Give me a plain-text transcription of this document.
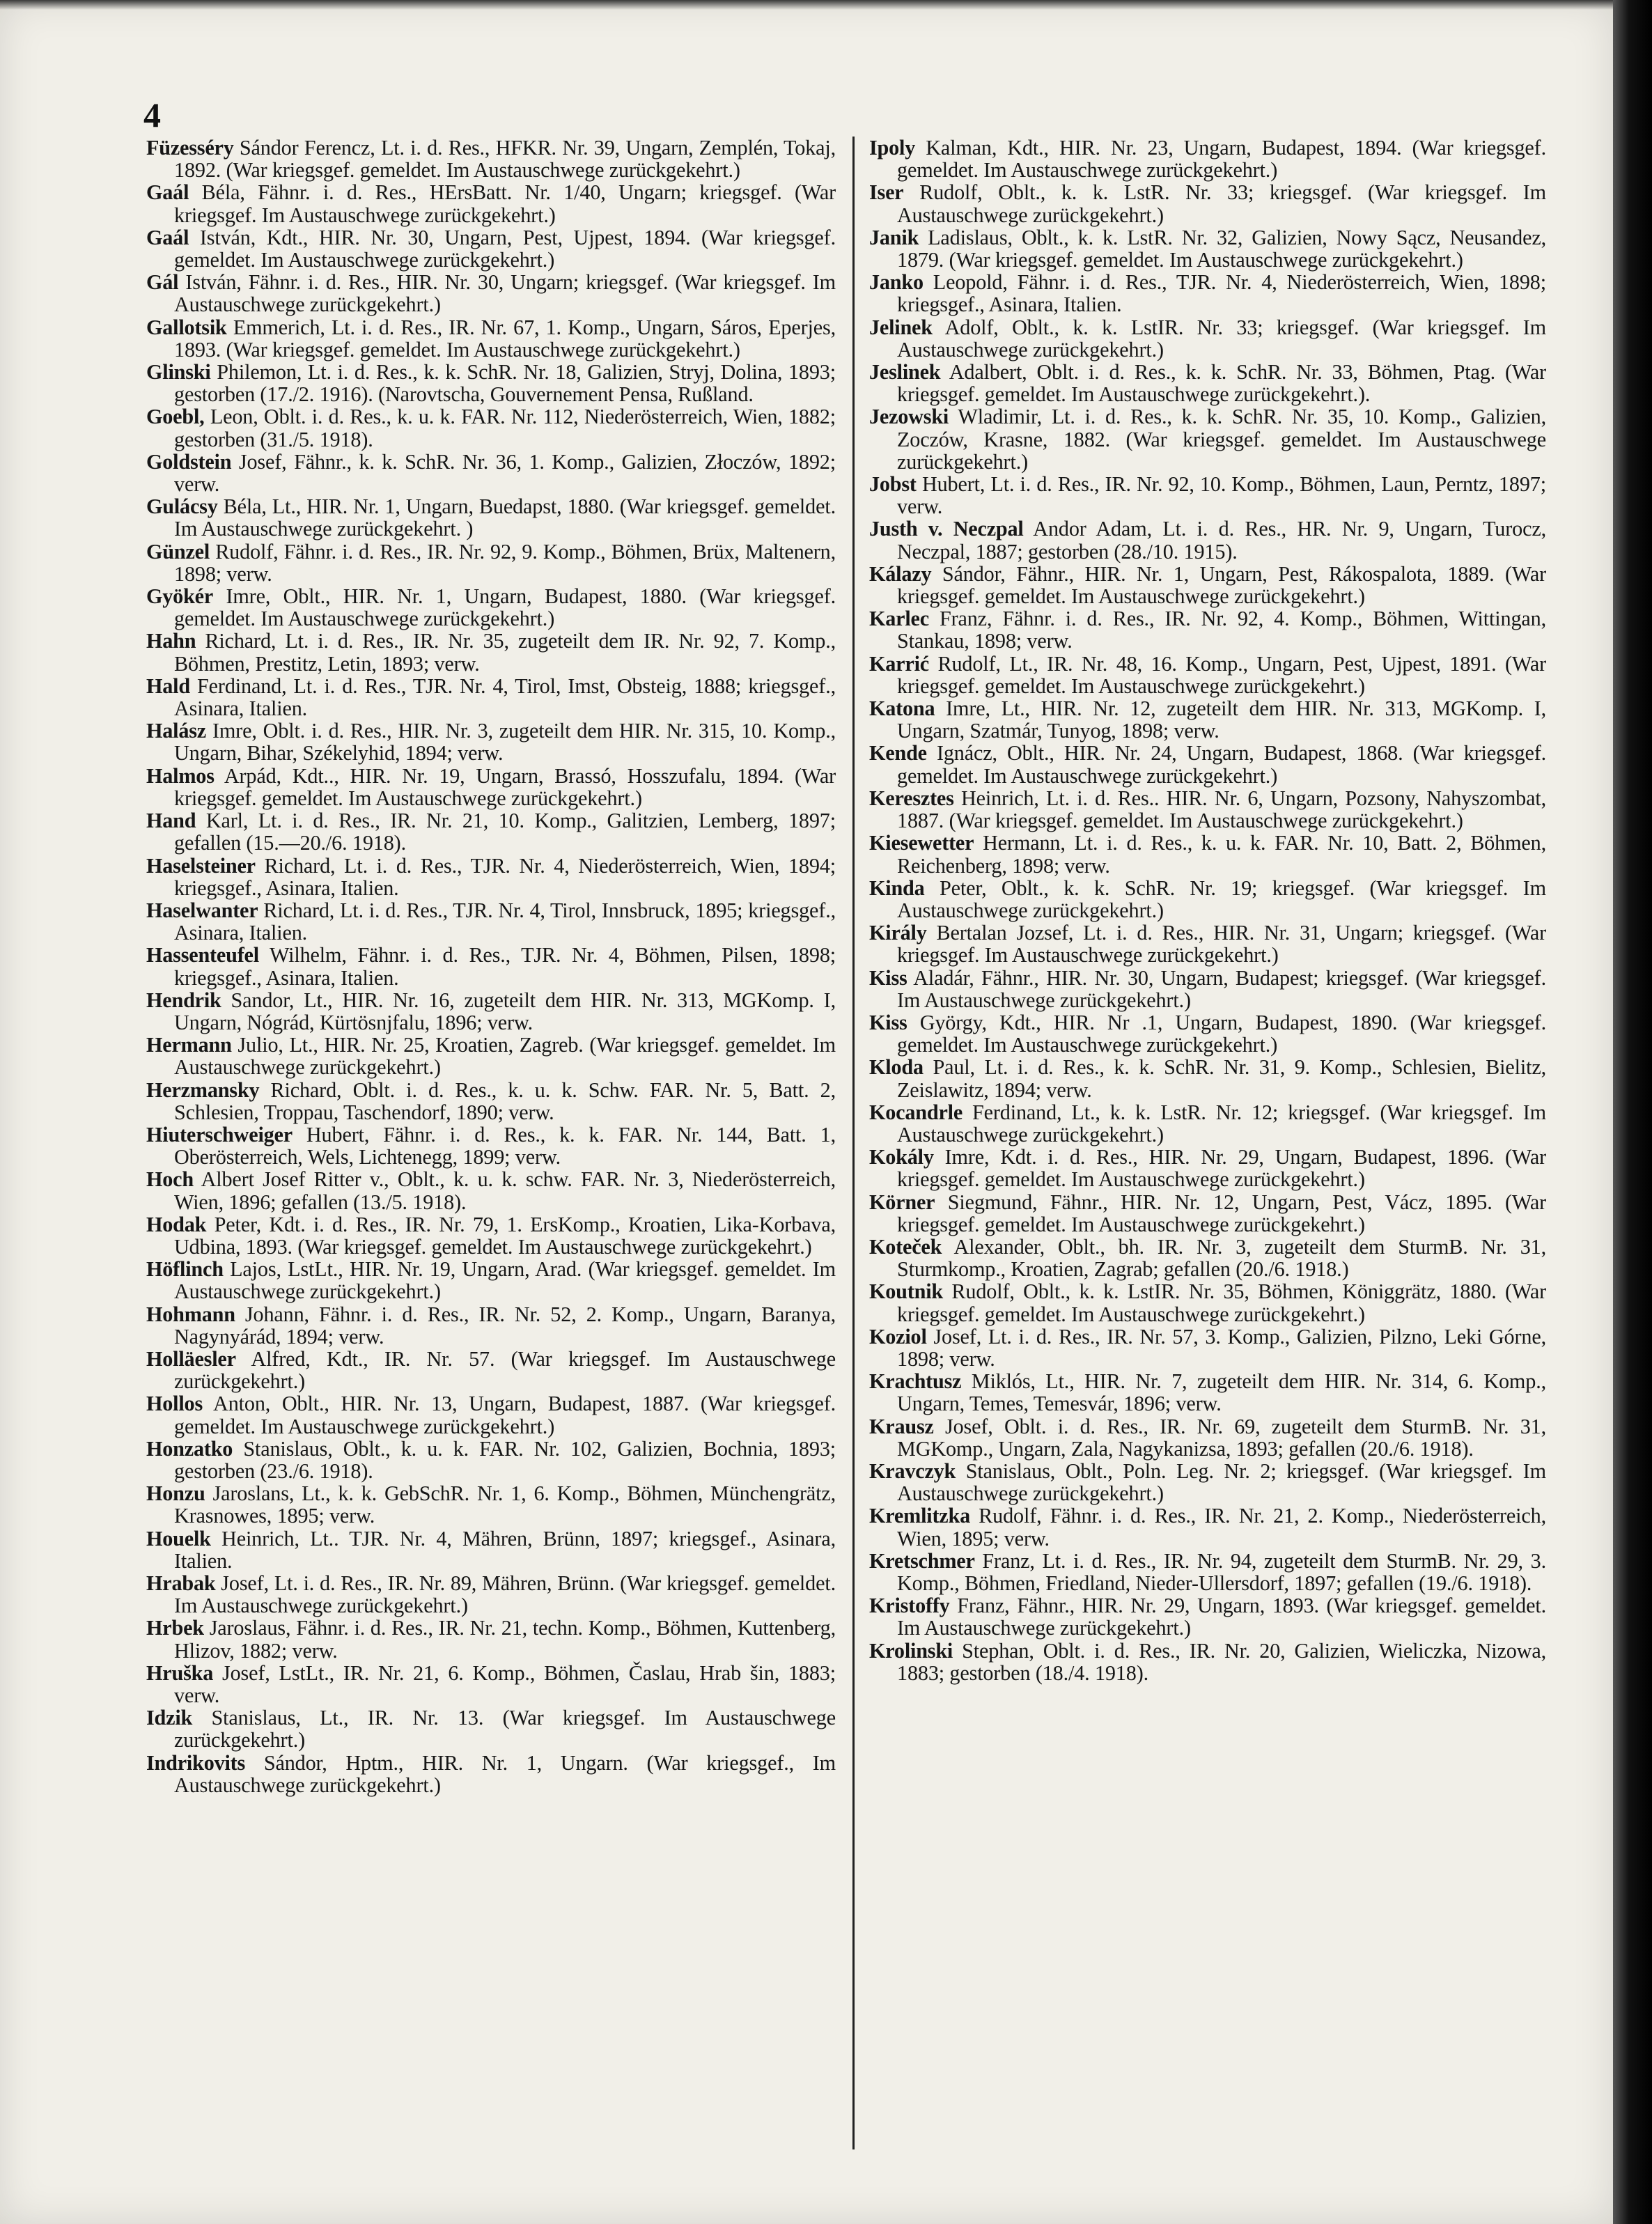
4

Füzesséry Sándor Ferencz, Lt. i. d. Res., HFKR. Nr. 39, Ungarn, Zemplén, Tokaj, 1892. (War kriegsgef. gemeldet. Im Austauschwege zurückgekehrt.)

Gaál Béla, Fähnr. i. d. Res., HErsBatt. Nr. 1/40, Ungarn; kriegsgef. (War kriegsgef. Im Austauschwege zurückgekehrt.)

Gaál István, Kdt., HIR. Nr. 30, Ungarn, Pest, Ujpest, 1894. (War kriegsgef. gemeldet. Im Austauschwege zurückgekehrt.)

Gál István, Fähnr. i. d. Res., HIR. Nr. 30, Ungarn; kriegsgef. (War kriegsgef. Im Austauschwege zurückgekehrt.)

Gallotsik Emmerich, Lt. i. d. Res., IR. Nr. 67, 1. Komp., Ungarn, Sáros, Eperjes, 1893. (War kriegsgef. gemeldet. Im Austauschwege zurückgekehrt.)

Glinski Philemon, Lt. i. d. Res., k. k. SchR. Nr. 18, Galizien, Stryj, Dolina, 1893; gestorben (17./2. 1916). (Narovtscha, Gouvernement Pensa, Rußland.

Goebl, Leon, Oblt. i. d. Res., k. u. k. FAR. Nr. 112, Niederösterreich, Wien, 1882; gestorben (31./5. 1918).

Goldstein Josef, Fähnr., k. k. SchR. Nr. 36, 1. Komp., Galizien, Złoczów, 1892; verw.

Gulácsy Béla, Lt., HIR. Nr. 1, Ungarn, Buedapst, 1880. (War kriegsgef. gemeldet. Im Austauschwege zurückgekehrt. )

Günzel Rudolf, Fähnr. i. d. Res., IR. Nr. 92, 9. Komp., Böhmen, Brüx, Maltenern, 1898; verw.

Gyökér Imre, Oblt., HIR. Nr. 1, Ungarn, Budapest, 1880. (War kriegsgef. gemeldet. Im Austauschwege zurückgekehrt.)

Hahn Richard, Lt. i. d. Res., IR. Nr. 35, zugeteilt dem IR. Nr. 92, 7. Komp., Böhmen, Prestitz, Letin, 1893; verw.

Hald Ferdinand, Lt. i. d. Res., TJR. Nr. 4, Tirol, Imst, Obsteig, 1888; kriegsgef., Asinara, Italien.

Halász Imre, Oblt. i. d. Res., HIR. Nr. 3, zugeteilt dem HIR. Nr. 315, 10. Komp., Ungarn, Bihar, Székelyhid, 1894; verw.

Halmos Arpád, Kdt.., HIR. Nr. 19, Ungarn, Brassó, Hosszufalu, 1894. (War kriegsgef. gemeldet. Im Austauschwege zurückgekehrt.)

Hand Karl, Lt. i. d. Res., IR. Nr. 21, 10. Komp., Galitzien, Lemberg, 1897; gefallen (15.—20./6. 1918).

Haselsteiner Richard, Lt. i. d. Res., TJR. Nr. 4, Niederösterreich, Wien, 1894; kriegsgef., Asinara, Italien.

Haselwanter Richard, Lt. i. d. Res., TJR. Nr. 4, Tirol, Innsbruck, 1895; kriegsgef., Asinara, Italien.

Hassenteufel Wilhelm, Fähnr. i. d. Res., TJR. Nr. 4, Böhmen, Pilsen, 1898; kriegsgef., Asinara, Italien.

Hendrik Sandor, Lt., HIR. Nr. 16, zugeteilt dem HIR. Nr. 313, MGKomp. I, Ungarn, Nógrád, Kürtösnjfalu, 1896; verw.

Hermann Julio, Lt., HIR. Nr. 25, Kroatien, Zagreb. (War kriegsgef. gemeldet. Im Austauschwege zurückgekehrt.)

Herzmansky Richard, Oblt. i. d. Res., k. u. k. Schw. FAR. Nr. 5, Batt. 2, Schlesien, Troppau, Taschendorf, 1890; verw.

Hiuterschweiger Hubert, Fähnr. i. d. Res., k. k. FAR. Nr. 144, Batt. 1, Oberösterreich, Wels, Lichtenegg, 1899; verw.

Hoch Albert Josef Ritter v., Oblt., k. u. k. schw. FAR. Nr. 3, Niederösterreich, Wien, 1896; gefallen (13./5. 1918).

Hodak Peter, Kdt. i. d. Res., IR. Nr. 79, 1. ErsKomp., Kroatien, Lika-Korbava, Udbina, 1893. (War kriegsgef. gemeldet. Im Austauschwege zurückgekehrt.)

Höflinch Lajos, LstLt., HIR. Nr. 19, Ungarn, Arad. (War kriegsgef. gemeldet. Im Austauschwege zurückgekehrt.)

Hohmann Johann, Fähnr. i. d. Res., IR. Nr. 52, 2. Komp., Ungarn, Baranya, Nagynyárád, 1894; verw.

Holläesler Alfred, Kdt., IR. Nr. 57. (War kriegsgef. Im Austauschwege zurückgekehrt.)

Hollos Anton, Oblt., HIR. Nr. 13, Ungarn, Budapest, 1887. (War kriegsgef. gemeldet. Im Austauschwege zurückgekehrt.)

Honzatko Stanislaus, Oblt., k. u. k. FAR. Nr. 102, Galizien, Bochnia, 1893; gestorben (23./6. 1918).

Honzu Jaroslans, Lt., k. k. GebSchR. Nr. 1, 6. Komp., Böhmen, Münchengrätz, Krasnowes, 1895; verw.

Houelk Heinrich, Lt.. TJR. Nr. 4, Mähren, Brünn, 1897; kriegsgef., Asinara, Italien.

Hrabak Josef, Lt. i. d. Res., IR. Nr. 89, Mähren, Brünn. (War kriegsgef. gemeldet. Im Austauschwege zurückgekehrt.)

Hrbek Jaroslaus, Fähnr. i. d. Res., IR. Nr. 21, techn. Komp., Böhmen, Kuttenberg, Hlizov, 1882; verw.

Hruška Josef, LstLt., IR. Nr. 21, 6. Komp., Böhmen, Časlau, Hrab šin, 1883; verw.

Idzik Stanislaus, Lt., IR. Nr. 13. (War kriegsgef. Im Austauschwege zurückgekehrt.)

Indrikovits Sándor, Hptm., HIR. Nr. 1, Ungarn. (War kriegsgef., Im Austauschwege zurückgekehrt.)

Ipoly Kalman, Kdt., HIR. Nr. 23, Ungarn, Budapest, 1894. (War kriegsgef. gemeldet. Im Austauschwege zurückgekehrt.)

Iser Rudolf, Oblt., k. k. LstR. Nr. 33; kriegsgef. (War kriegsgef. Im Austauschwege zurückgekehrt.)

Janik Ladislaus, Oblt., k. k. LstR. Nr. 32, Galizien, Nowy Sącz, Neusandez, 1879. (War kriegsgef. gemeldet. Im Austauschwege zurückgekehrt.)

Janko Leopold, Fähnr. i. d. Res., TJR. Nr. 4, Niederösterreich, Wien, 1898; kriegsgef., Asinara, Italien.

Jelinek Adolf, Oblt., k. k. LstIR. Nr. 33; kriegsgef. (War kriegsgef. Im Austauschwege zurückgekehrt.)

Jeslinek Adalbert, Oblt. i. d. Res., k. k. SchR. Nr. 33, Böhmen, Ptag. (War kriegsgef. gemeldet. Im Austauschwege zurückgekehrt.).

Jezowski Wladimir, Lt. i. d. Res., k. k. SchR. Nr. 35, 10. Komp., Galizien, Zoczów, Krasne, 1882. (War kriegsgef. gemeldet. Im Austauschwege zurückgekehrt.)

Jobst Hubert, Lt. i. d. Res., IR. Nr. 92, 10. Komp., Böhmen, Laun, Perntz, 1897; verw.

Justh v. Neczpal Andor Adam, Lt. i. d. Res., HR. Nr. 9, Ungarn, Turocz, Neczpal, 1887; gestorben (28./10. 1915).

Kálazy Sándor, Fähnr., HIR. Nr. 1, Ungarn, Pest, Rákospalota, 1889. (War kriegsgef. gemeldet. Im Austauschwege zurückgekehrt.)

Karlec Franz, Fähnr. i. d. Res., IR. Nr. 92, 4. Komp., Böhmen, Wittingan, Stankau, 1898; verw.

Karrić Rudolf, Lt., IR. Nr. 48, 16. Komp., Ungarn, Pest, Ujpest, 1891. (War kriegsgef. gemeldet. Im Austauschwege zurückgekehrt.)

Katona Imre, Lt., HIR. Nr. 12, zugeteilt dem HIR. Nr. 313, MGKomp. I, Ungarn, Szatmár, Tunyog, 1898; verw.

Kende Ignácz, Oblt., HIR. Nr. 24, Ungarn, Budapest, 1868. (War kriegsgef. gemeldet. Im Austauschwege zurückgekehrt.)

Keresztes Heinrich, Lt. i. d. Res.. HIR. Nr. 6, Ungarn, Pozsony, Nahyszombat, 1887. (War kriegsgef. gemeldet. Im Austauschwege zurückgekehrt.)

Kiesewetter Hermann, Lt. i. d. Res., k. u. k. FAR. Nr. 10, Batt. 2, Böhmen, Reichenberg, 1898; verw.

Kinda Peter, Oblt., k. k. SchR. Nr. 19; kriegsgef. (War kriegsgef. Im Austauschwege zurückgekehrt.)

Király Bertalan Jozsef, Lt. i. d. Res., HIR. Nr. 31, Ungarn; kriegsgef. (War kriegsgef. Im Austauschwege zurückgekehrt.)

Kiss Aladár, Fähnr., HIR. Nr. 30, Ungarn, Budapest; kriegsgef. (War kriegsgef. Im Austauschwege zurückgekehrt.)

Kiss György, Kdt., HIR. Nr .1, Ungarn, Budapest, 1890. (War kriegsgef. gemeldet. Im Austauschwege zurückgekehrt.)

Kloda Paul, Lt. i. d. Res., k. k. SchR. Nr. 31, 9. Komp., Schlesien, Bielitz, Zeislawitz, 1894; verw.

Kocandrle Ferdinand, Lt., k. k. LstR. Nr. 12; kriegsgef. (War kriegsgef. Im Austauschwege zurückgekehrt.)

Kokály Imre, Kdt. i. d. Res., HIR. Nr. 29, Ungarn, Budapest, 1896. (War kriegsgef. gemeldet. Im Austauschwege zurückgekehrt.)

Körner Siegmund, Fähnr., HIR. Nr. 12, Ungarn, Pest, Vácz, 1895. (War kriegsgef. gemeldet. Im Austauschwege zurückgekehrt.)

Koteček Alexander, Oblt., bh. IR. Nr. 3, zugeteilt dem SturmB. Nr. 31, Sturmkomp., Kroatien, Zagrab; gefallen (20./6. 1918.)

Koutnik Rudolf, Oblt., k. k. LstIR. Nr. 35, Böhmen, Königgrätz, 1880. (War kriegsgef. gemeldet. Im Austauschwege zurückgekehrt.)

Koziol Josef, Lt. i. d. Res., IR. Nr. 57, 3. Komp., Galizien, Pilzno, Leki Górne, 1898; verw.

Krachtusz Miklós, Lt., HIR. Nr. 7, zugeteilt dem HIR. Nr. 314, 6. Komp., Ungarn, Temes, Temesvár, 1896; verw.

Krausz Josef, Oblt. i. d. Res., IR. Nr. 69, zugeteilt dem SturmB. Nr. 31, MGKomp., Ungarn, Zala, Nagykanizsa, 1893; gefallen (20./6. 1918).

Kravczyk Stanislaus, Oblt., Poln. Leg. Nr. 2; kriegsgef. (War kriegsgef. Im Austauschwege zurückgekehrt.)

Kremlitzka Rudolf, Fähnr. i. d. Res., IR. Nr. 21, 2. Komp., Niederösterreich, Wien, 1895; verw.

Kretschmer Franz, Lt. i. d. Res., IR. Nr. 94, zugeteilt dem SturmB. Nr. 29, 3. Komp., Böhmen, Friedland, Nieder-Ullersdorf, 1897; gefallen (19./6. 1918).

Kristoffy Franz, Fähnr., HIR. Nr. 29, Ungarn, 1893. (War kriegsgef. gemeldet. Im Austauschwege zurückgekehrt.)

Krolinski Stephan, Oblt. i. d. Res., IR. Nr. 20, Galizien, Wieliczka, Nizowa, 1883; gestorben (18./4. 1918).
